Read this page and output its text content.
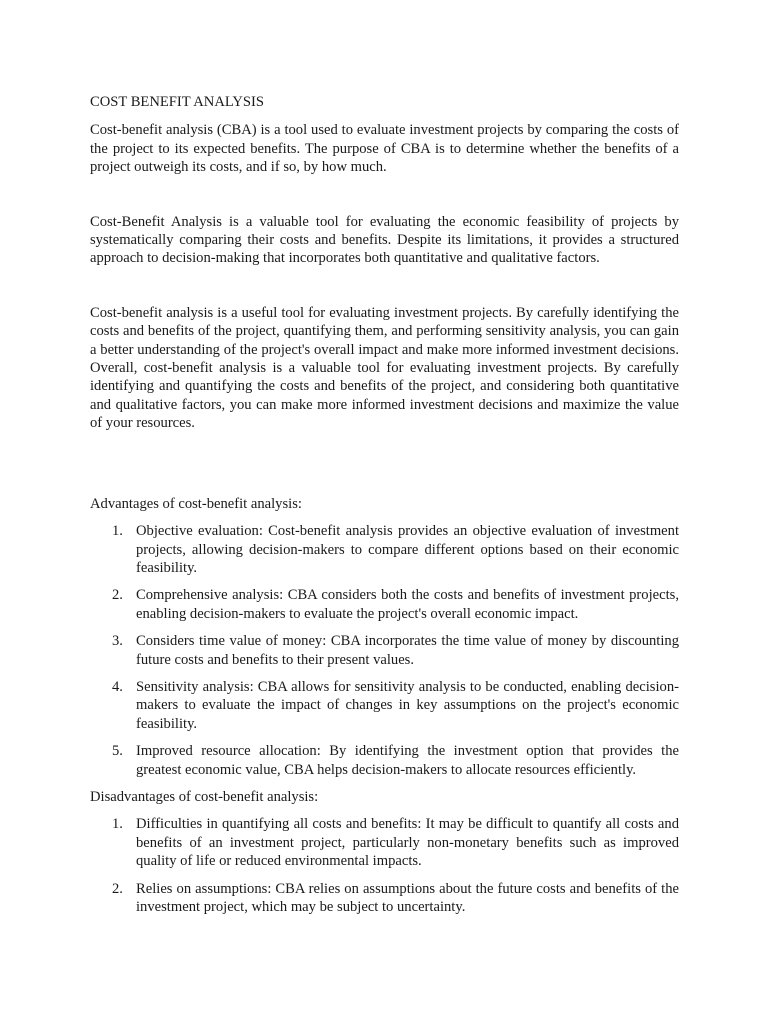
COST BENEFIT ANALYSIS

Cost-benefit analysis (CBA) is a tool used to evaluate investment projects by comparing the costs of the project to its expected benefits. The purpose of CBA is to determine whether the benefits of a project outweigh its costs, and if so, by how much.

Cost-Benefit Analysis is a valuable tool for evaluating the economic feasibility of projects by systematically comparing their costs and benefits. Despite its limitations, it provides a structured approach to decision-making that incorporates both quantitative and qualitative factors.

Cost-benefit analysis is a useful tool for evaluating investment projects. By carefully identifying the costs and benefits of the project, quantifying them, and performing sensitivity analysis, you can gain a better understanding of the project's overall impact and make more informed investment decisions. Overall, cost-benefit analysis is a valuable tool for evaluating investment projects. By carefully identifying and quantifying the costs and benefits of the project, and considering both quantitative and qualitative factors, you can make more informed investment decisions and maximize the value of your resources.

Advantages of cost-benefit analysis:
1. Objective evaluation: Cost-benefit analysis provides an objective evaluation of investment projects, allowing decision-makers to compare different options based on their economic feasibility.
2. Comprehensive analysis: CBA considers both the costs and benefits of investment projects, enabling decision-makers to evaluate the project's overall economic impact.
3. Considers time value of money: CBA incorporates the time value of money by discounting future costs and benefits to their present values.
4. Sensitivity analysis: CBA allows for sensitivity analysis to be conducted, enabling decision-makers to evaluate the impact of changes in key assumptions on the project's economic feasibility.
5. Improved resource allocation: By identifying the investment option that provides the greatest economic value, CBA helps decision-makers to allocate resources efficiently.
Disadvantages of cost-benefit analysis:
1. Difficulties in quantifying all costs and benefits: It may be difficult to quantify all costs and benefits of an investment project, particularly non-monetary benefits such as improved quality of life or reduced environmental impacts.
2. Relies on assumptions: CBA relies on assumptions about the future costs and benefits of the investment project, which may be subject to uncertainty.
